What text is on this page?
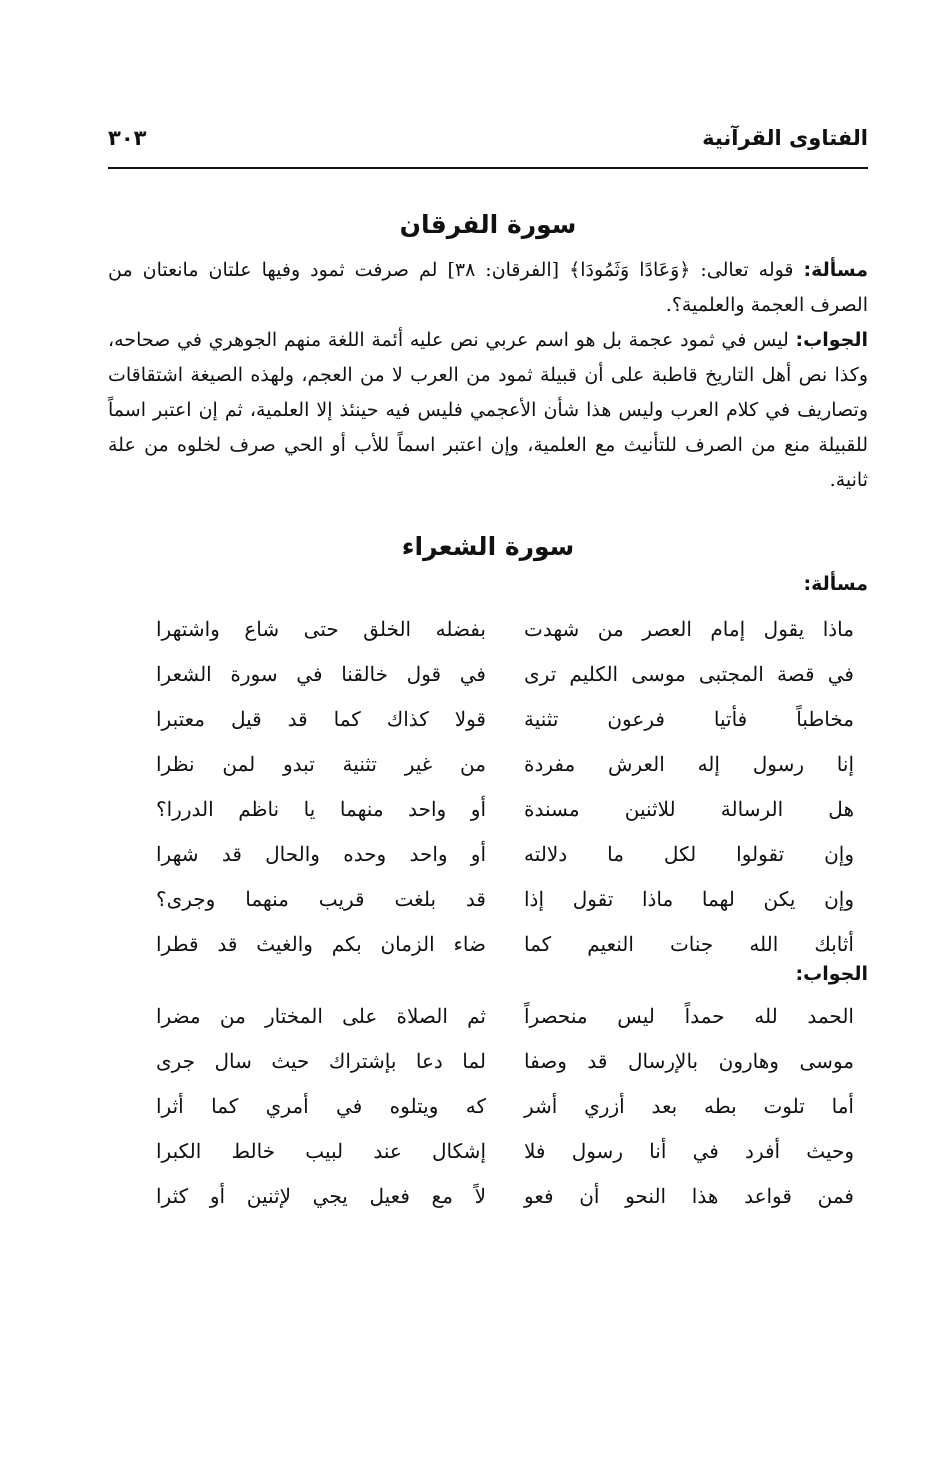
الفتاوى القرآنية
٣٠٣
سورة الفرقان
مسألة: قوله تعالى: ﴿وَعَادًا وَثَمُودَا﴾ [الفرقان: ٣٨] لم صرفت ثمود وفيها علتان مانعتان من الصرف العجمة والعلمية؟.
الجواب: ليس في ثمود عجمة بل هو اسم عربي نص عليه أئمة اللغة منهم الجوهري في صحاحه، وكذا نص أهل التاريخ قاطبة على أن قبيلة ثمود من العرب لا من العجم، ولهذه الصيغة اشتقاقات وتصاريف في كلام العرب وليس هذا شأن الأعجمي فليس فيه حينئذ إلا العلمية، ثم إن اعتبر اسماً للقبيلة منع من الصرف للتأنيث مع العلمية، وإن اعتبر اسماً للأب أو الحي صرف لخلوه من علة ثانية.
سورة الشعراء
مسألة:
ماذا يقول إمام العصر من شهدت
بفضله الخلق حتى شاع واشتهرا
في قصة المجتبى موسى الكليم ترى
في قول خالقنا في سورة الشعرا
مخاطباً فأتيا فرعون تثنية
قولا كذاك كما قد قيل معتبرا
إنا رسول إله العرش مفردة
من غير تثنية تبدو لمن نظرا
هل الرسالة للاثنين مسندة
أو واحد منهما يا ناظم الدررا؟
وإن تقولوا لكل ما دلالته
أو واحد وحده والحال قد شهرا
وإن يكن لهما ماذا تقول إذا
قد بلغت قريب منهما وجرى؟
أثابك الله جنات النعيم كما
ضاء الزمان بكم والغيث قد قطرا
الجواب:
الحمد لله حمداً ليس منحصراً
ثم الصلاة على المختار من مضرا
موسى وهارون بالإرسال قد وصفا
لما دعا بإشتراك حيث سال جرى
أما تلوت بطه بعد أزري أشر
كه ويتلوه في أمري كما أثرا
وحيث أفرد في أنا رسول فلا
إشكال عند لبيب خالط الكبرا
فمن قواعد هذا النحو أن فعو
لاً مع فعيل يجي لإثنين أو كثرا
